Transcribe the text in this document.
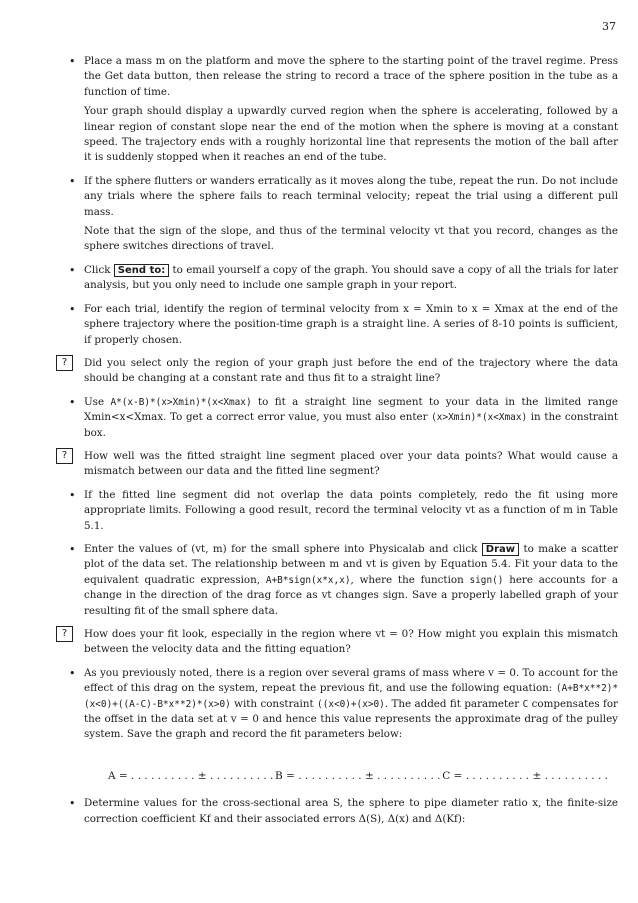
37
• Place a mass m on the platform and move the sphere to the starting point of the travel regime. Press the Get data button, then release the string to record a trace of the sphere position in the tube as a function of time.
Your graph should display a upwardly curved region when the sphere is accelerating, followed by a linear region of constant slope near the end of the motion when the sphere is moving at a constant speed. The trajectory ends with a roughly horizontal line that represents the motion of the ball after it is suddenly stopped when it reaches an end of the tube.
• If the sphere flutters or wanders erratically as it moves along the tube, repeat the run. Do not include any trials where the sphere fails to reach terminal velocity; repeat the trial using a different pull mass.
Note that the sign of the slope, and thus of the terminal velocity vt that you record, changes as the sphere switches directions of travel.
• Click Send to: to email yourself a copy of the graph. You should save a copy of all the trials for later analysis, but you only need to include one sample graph in your report.
• For each trial, identify the region of terminal velocity from x = Xmin to x = Xmax at the end of the sphere trajectory where the position-time graph is a straight line. A series of 8-10 points is sufficient, if properly chosen.
?	Did you select only the region of your graph just before the end of the trajectory where the data should be changing at a constant rate and thus fit to a straight line?
• Use A*(x-B)*(x>Xmin)*(x<Xmax) to fit a straight line segment to your data in the limited range Xmin<x<Xmax. To get a correct error value, you must also enter (x>Xmin)*(x<Xmax) in the constraint box.
?	How well was the fitted straight line segment placed over your data points? What would cause a mismatch between our data and the fitted line segment?
• If the fitted line segment did not overlap the data points completely, redo the fit using more appropriate limits. Following a good result, record the terminal velocity vt as a function of m in Table 5.1.
• Enter the values of (vt, m) for the small sphere into Physicalab and click Draw to make a scatter plot of the data set. The relationship between m and vt is given by Equation 5.4. Fit your data to the equivalent quadratic expression, A+B*sign(x*x,x), where the function sign() here accounts for a change in the direction of the drag force as vt changes sign. Save a properly labelled graph of your resulting fit of the small sphere data.
?	How does your fit look, especially in the region where vt = 0? How might you explain this mismatch between the velocity data and the fitting equation?
• As you previously noted, there is a region over several grams of mass where v = 0. To account for the effect of this drag on the system, repeat the previous fit, and use the following equation: (A+B*x**2)*(x<0)+((A-C)-B*x**2)*(x>0) with constraint ((x<0)+(x>0). The added fit parameter C compensates for the offset in the data set at v = 0 and hence this value represents the approximate drag of the pulley system. Save the graph and record the fit parameters below:
A = . . . . . . . . . . ± . . . . . . . . . . B = . . . . . . . . . . ± . . . . . . . . . . C = . . . . . . . . . . ± . . . . . . . . . .
• Determine values for the cross-sectional area S, the sphere to pipe diameter ratio x, the finite-size correction coefficient Kf and their associated errors Δ(S), Δ(x) and Δ(Kf):
